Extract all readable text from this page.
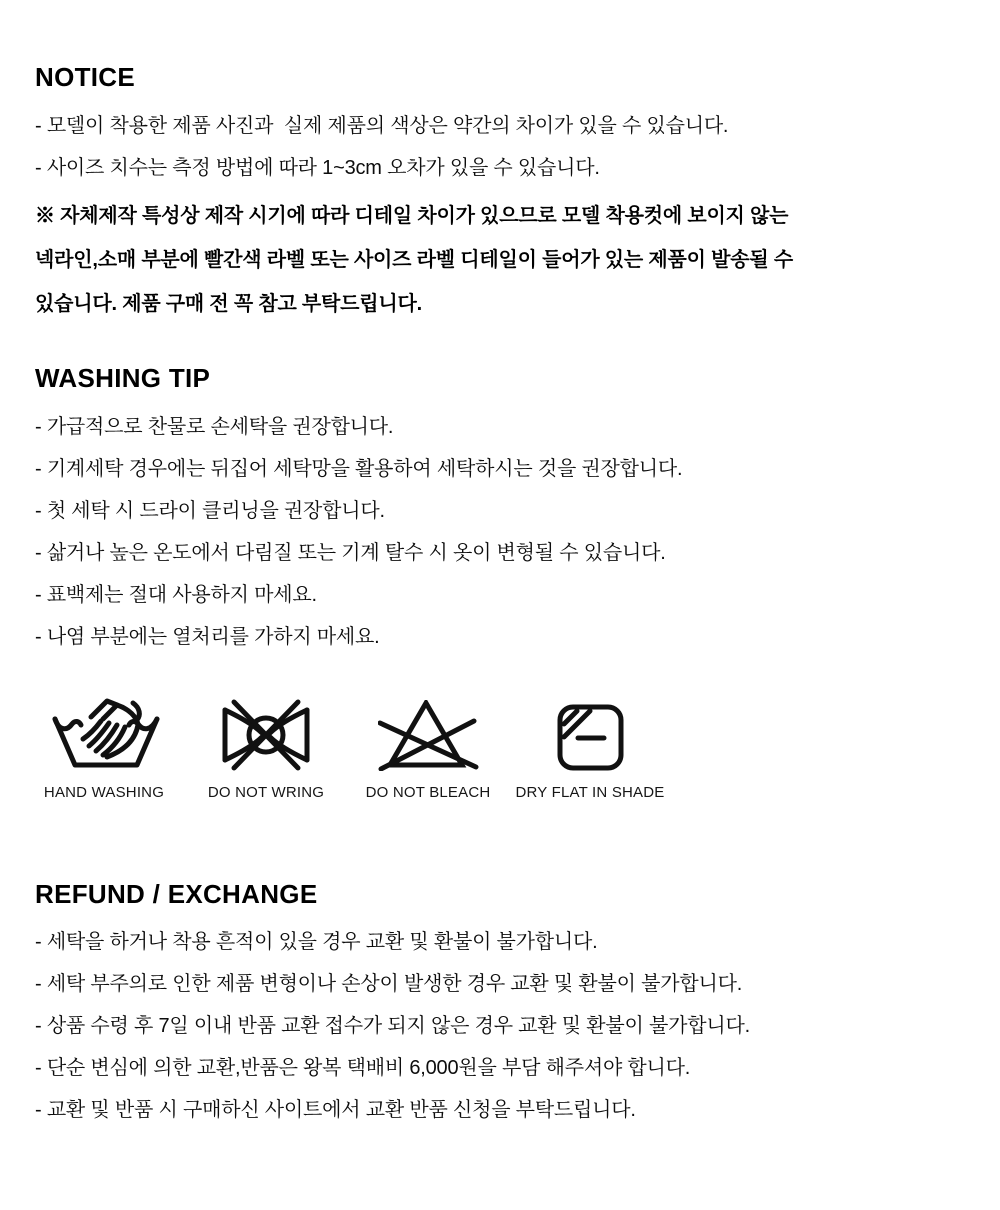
NOTICE
- 모델이 착용한 제품 사진과  실제 제품의 색상은 약간의 차이가 있을 수 있습니다.
- 사이즈 치수는 측정 방법에 따라 1~3cm 오차가 있을 수 있습니다.
※ 자체제작 특성상 제작 시기에 따라 디테일 차이가 있으므로 모델 착용컷에 보이지 않는
넥라인,소매 부분에 빨간색 라벨 또는 사이즈 라벨 디테일이 들어가 있는 제품이 발송될 수
있습니다. 제품 구매 전 꼭 참고 부탁드립니다.
WASHING TIP
- 가급적으로 찬물로 손세탁을 권장합니다.
- 기계세탁 경우에는 뒤집어 세탁망을 활용하여 세탁하시는 것을 권장합니다.
- 첫 세탁 시 드라이 클리닝을 권장합니다.
- 삶거나 높은 온도에서 다림질 또는 기계 탈수 시 옷이 변형될 수 있습니다.
- 표백제는 절대 사용하지 마세요.
- 나염 부분에는 열처리를 가하지 마세요.
HAND WASHING	DO NOT WRING	DO NOT BLEACH DRY FLAT IN SHADE
REFUND / EXCHANGE
- 세탁을 하거나 착용 흔적이 있을 경우 교환 및 환불이 불가합니다.
- 세탁 부주의로 인한 제품 변형이나 손상이 발생한 경우 교환 및 환불이 불가합니다.
- 상품 수령 후 7일 이내 반품 교환 접수가 되지 않은 경우 교환 및 환불이 불가합니다.
- 단순 변심에 의한 교환,반품은 왕복 택배비 6,000원을 부담 해주셔야 합니다.
- 교환 및 반품 시 구매하신 사이트에서 교환 반품 신청을 부탁드립니다.
